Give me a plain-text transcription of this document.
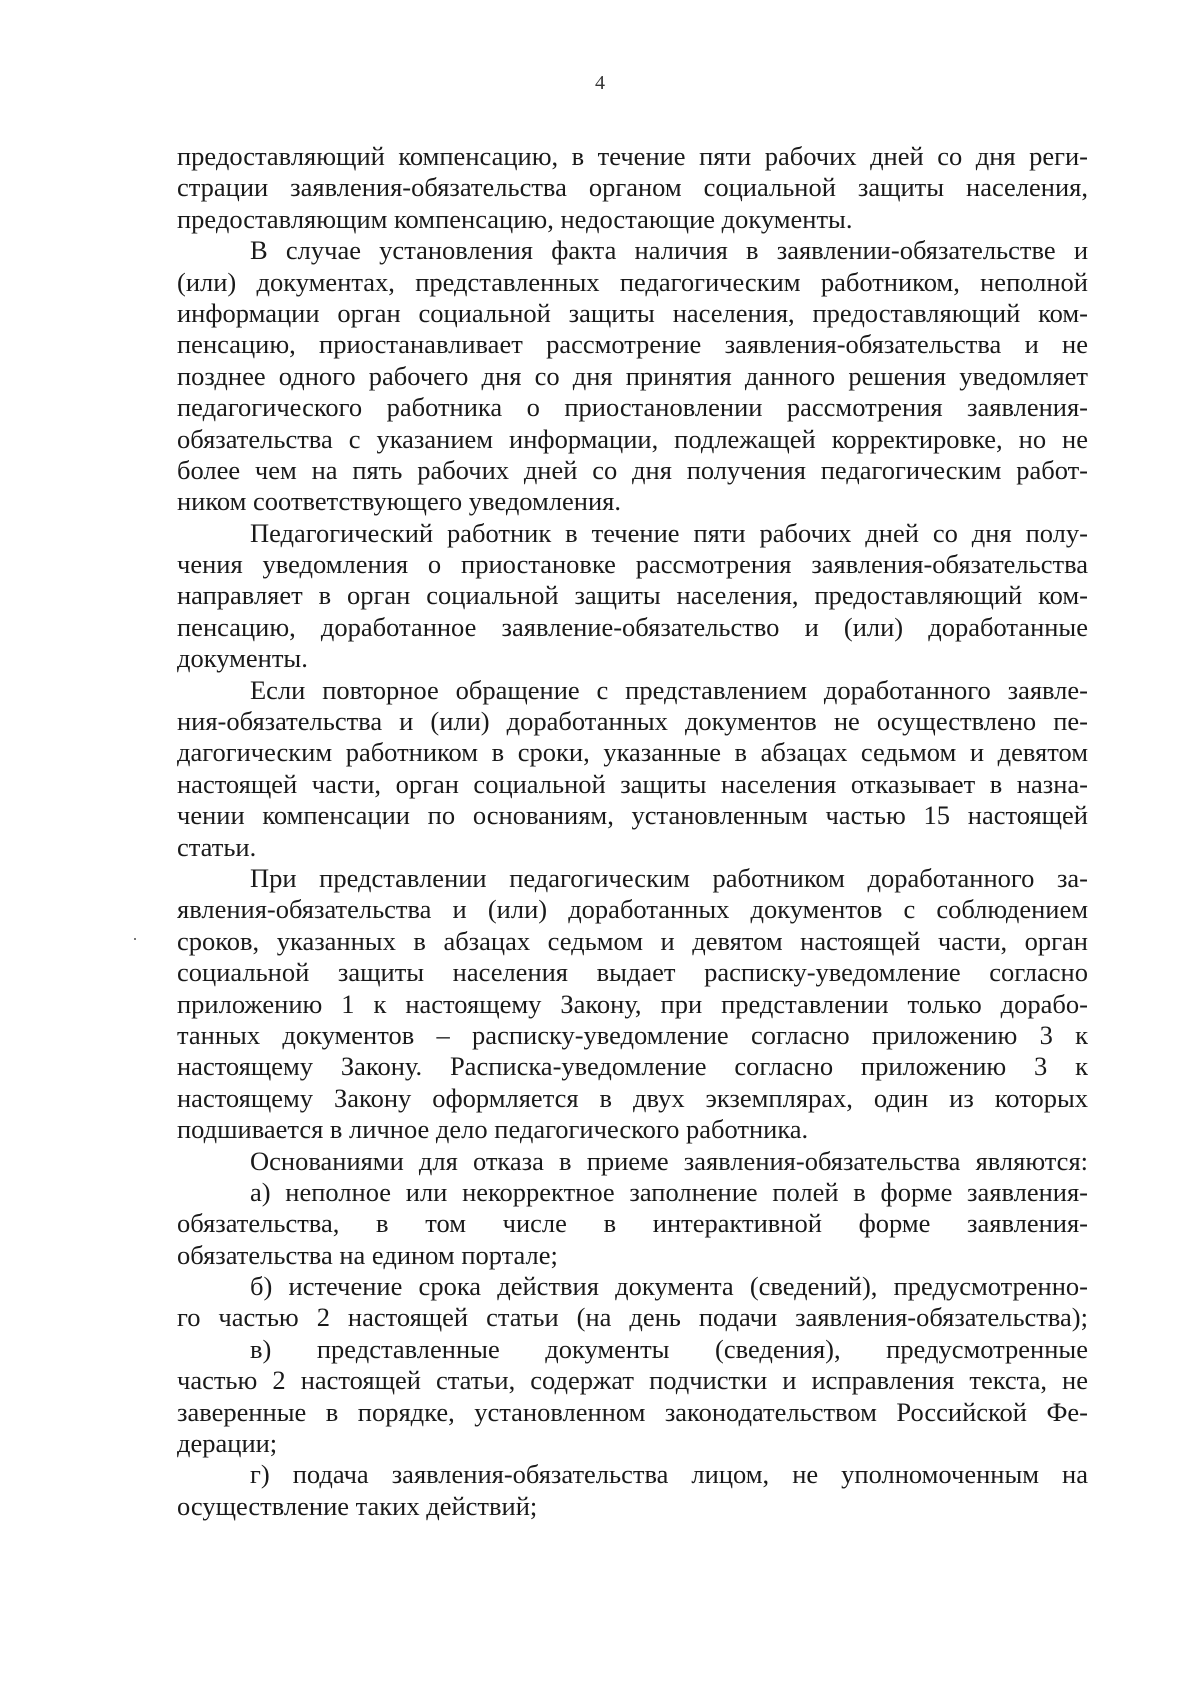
4
предоставляющий компенсацию, в течение пяти рабочих дней со дня реги-
страции заявления-обязательства органом социальной защиты населения,
предоставляющим компенсацию, недостающие документы.
В случае установления факта наличия в заявлении-обязательстве и
(или) документах, представленных педагогическим работником, неполной
информации орган социальной защиты населения, предоставляющий ком-
пенсацию, приостанавливает рассмотрение заявления-обязательства и не
позднее одного рабочего дня со дня принятия данного решения уведомляет
педагогического работника о приостановлении рассмотрения заявления-
обязательства с указанием информации, подлежащей корректировке, но не
более чем на пять рабочих дней со дня получения педагогическим работ-
ником соответствующего уведомления.
Педагогический работник в течение пяти рабочих дней со дня полу-
чения уведомления о приостановке рассмотрения заявления-обязательства
направляет в орган социальной защиты населения, предоставляющий ком-
пенсацию, доработанное заявление-обязательство и (или) доработанные
документы.
Если повторное обращение с представлением доработанного заявле-
ния-обязательства и (или) доработанных документов не осуществлено пе-
дагогическим работником в сроки, указанные в абзацах седьмом и девятом
настоящей части, орган социальной защиты населения отказывает в назна-
чении компенсации по основаниям, установленным частью 15 настоящей
статьи.
При представлении педагогическим работником доработанного за-
явления-обязательства и (или) доработанных документов с соблюдением
сроков, указанных в абзацах седьмом и девятом настоящей части, орган
социальной защиты населения выдает расписку-уведомление согласно
приложению 1 к настоящему Закону, при представлении только дорабо-
танных документов – расписку-уведомление согласно приложению 3 к
настоящему Закону. Расписка-уведомление согласно приложению 3 к
настоящему Закону оформляется в двух экземплярах, один из которых
подшивается в личное дело педагогического работника.
Основаниями для отказа в приеме заявления-обязательства являются:
а) неполное или некорректное заполнение полей в форме заявления-
обязательства, в том числе в интерактивной форме заявления-
обязательства на едином портале;
б) истечение срока действия документа (сведений), предусмотренно-
го частью 2 настоящей статьи (на день подачи заявления-обязательства);
в) представленные документы (сведения), предусмотренные
частью 2 настоящей статьи, содержат подчистки и исправления текста, не
заверенные в порядке, установленном законодательством Российской Фе-
дерации;
г) подача заявления-обязательства лицом, не уполномоченным на
осуществление таких действий;
